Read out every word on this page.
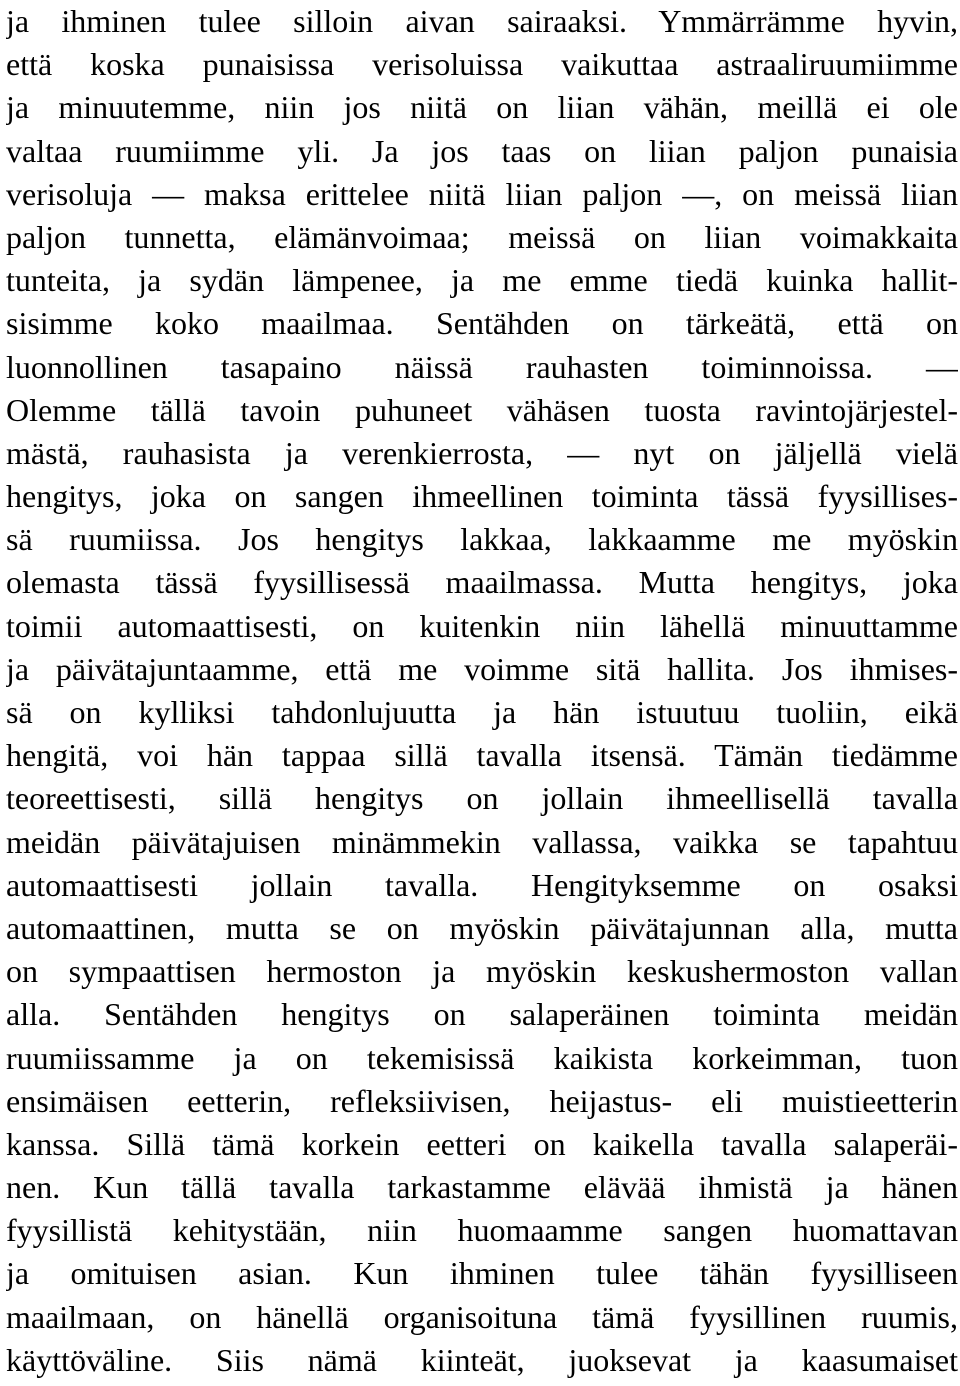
ja ihminen tulee silloin aivan sairaaksi. Ymmärrämme hyvin,
että koska punaisissa verisoluissa vaikuttaa astraaliruumiimme
ja minuutemme, niin jos niitä on liian vähän, meillä ei ole
valtaa ruumiimme yli. Ja jos taas on liian paljon punaisia
verisoluja — maksa erittelee niitä liian paljon —, on meissä liian
paljon tunnetta, elämänvoimaa; meissä on liian voimakkaita
tunteita, ja sydän lämpenee, ja me emme tiedä kuinka hallit-
sisimme koko maailmaa. Sentähden on tärkeätä, että on
luonnollinen tasapaino näissä rauhasten toiminnoissa. —
Olemme tällä tavoin puhuneet vähäsen tuosta ravintojärjestel-
mästä, rauhasista ja verenkierrosta, — nyt on jäljellä vielä
hengitys, joka on sangen ihmeellinen toiminta tässä fyysillises-
sä ruumiissa. Jos hengitys lakkaa, lakkaamme me myöskin
olemasta tässä fyysillisessä maailmassa. Mutta hengitys, joka
toimii automaattisesti, on kuitenkin niin lähellä minuuttamme
ja päivätajuntaamme, että me voimme sitä hallita. Jos ihmises-
sä on kylliksi tahdonlujuutta ja hän istuutuu tuoliin, eikä
hengitä, voi hän tappaa sillä tavalla itsensä. Tämän tiedämme
teoreettisesti, sillä hengitys on jollain ihmeellisellä tavalla
meidän päivätajuisen minämmekin vallassa, vaikka se tapahtuu
automaattisesti jollain tavalla. Hengityksemme on osaksi
automaattinen, mutta se on myöskin päivätajunnan alla, mutta
on sympaattisen hermoston ja myöskin keskushermoston vallan
alla. Sentähden hengitys on salaperäinen toiminta meidän
ruumiissamme ja on tekemisissä kaikista korkeimman, tuon
ensimäisen eetterin, refleksiivisen, heijastus- eli muistieetterin
kanssa. Sillä tämä korkein eetteri on kaikella tavalla salaperäi-
nen. Kun tällä tavalla tarkastamme elävää ihmistä ja hänen
fyysillistä kehitystään, niin huomaamme sangen huomattavan
ja omituisen asian. Kun ihminen tulee tähän fyysilliseen
maailmaan, on hänellä organisoituna tämä fyysillinen ruumis,
käyttöväline. Siis nämä kiinteät, juoksevat ja kaasumaiset
